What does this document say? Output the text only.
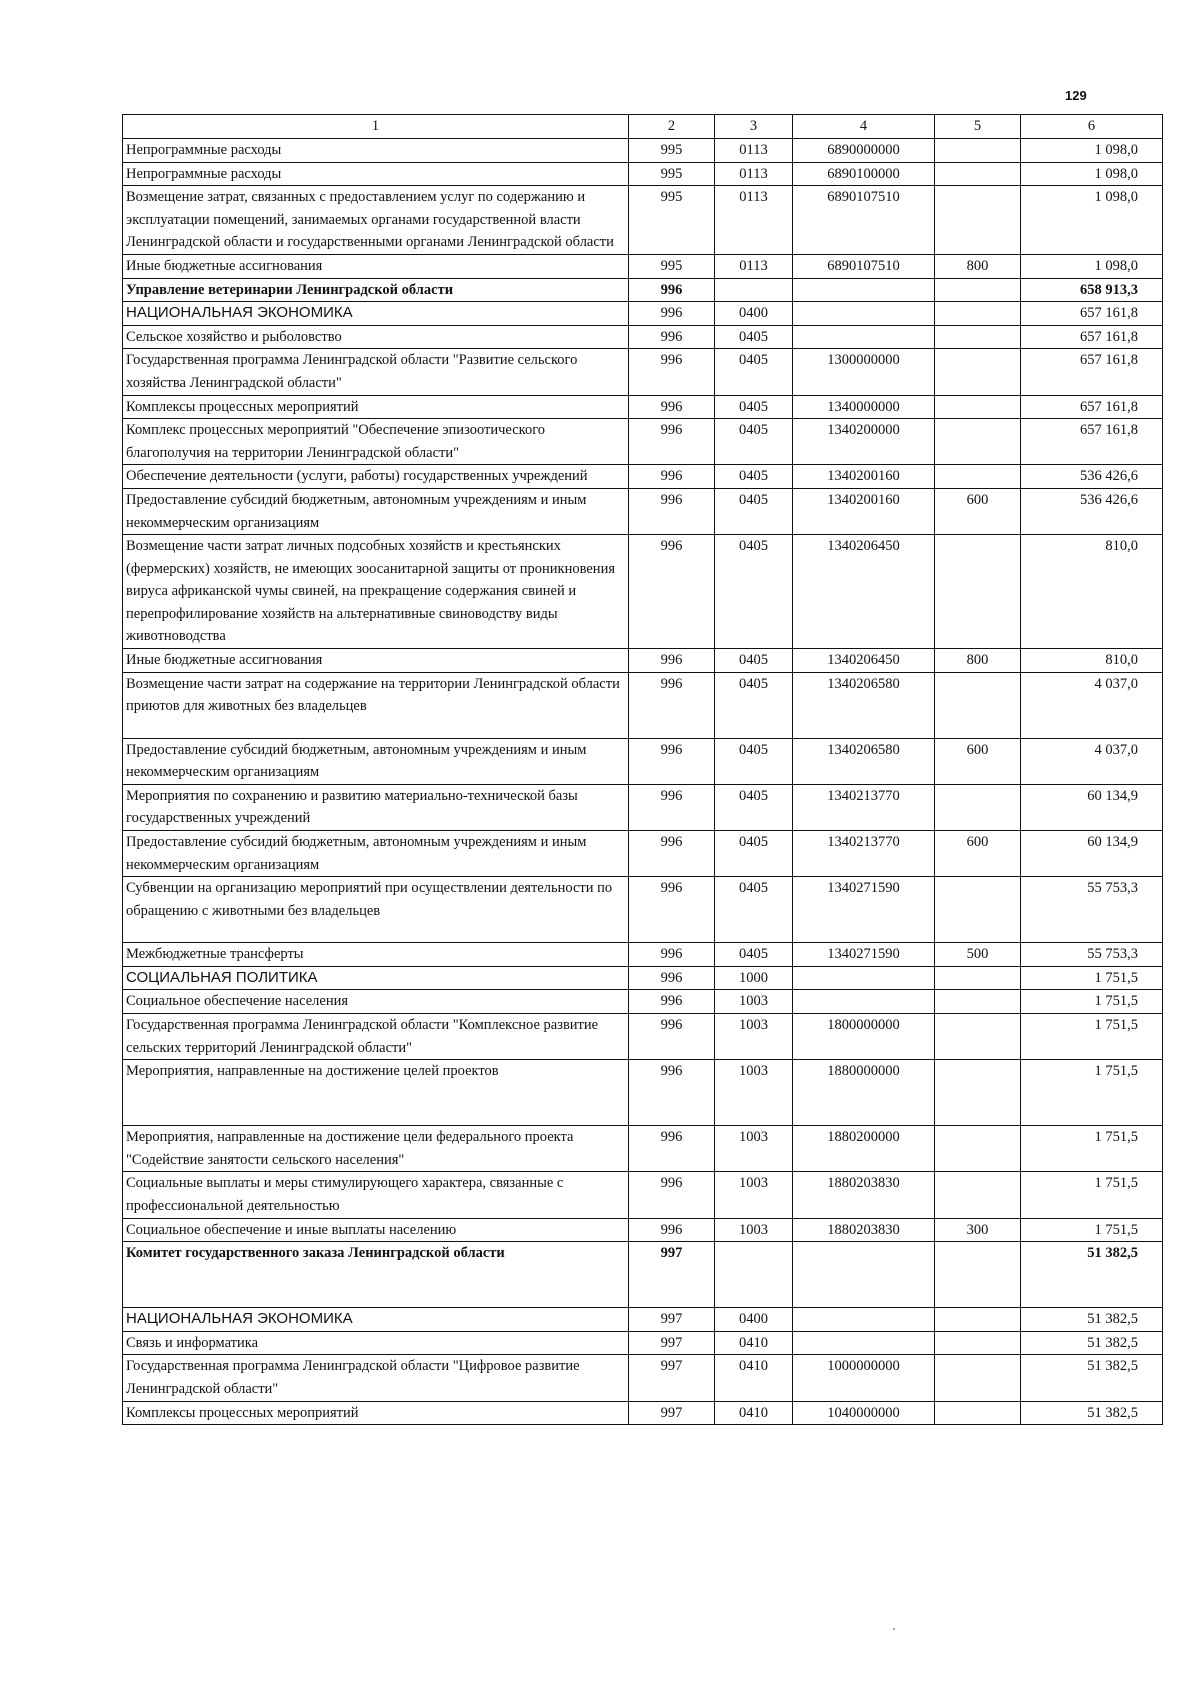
129
1	2	3	4	5	6
Непрограммные расходы	995	0113	6890000000		1 098,0
Непрограммные расходы	995	0113	6890100000		1 098,0
Возмещение затрат, связанных с предоставлением услуг по содержанию и эксплуатации помещений, занимаемых органами государственной власти Ленинградской области и государственными органами Ленинградской области	995	0113	6890107510		1 098,0
Иные бюджетные ассигнования	995	0113	6890107510	800	1 098,0
Управление ветеринарии Ленинградской области	996				658 913,3
НАЦИОНАЛЬНАЯ ЭКОНОМИКА	996	0400			657 161,8
Сельское хозяйство и рыболовство	996	0405			657 161,8
Государственная программа Ленинградской области "Развитие сельского хозяйства Ленинградской области"	996	0405	1300000000		657 161,8
Комплексы процессных мероприятий	996	0405	1340000000		657 161,8
Комплекс процессных мероприятий "Обеспечение эпизоотического благополучия на территории Ленинградской области"	996	0405	1340200000		657 161,8
Обеспечение деятельности (услуги, работы) государственных учреждений	996	0405	1340200160		536 426,6
Предоставление субсидий бюджетным, автономным учреждениям и иным некоммерческим организациям	996	0405	1340200160	600	536 426,6
Возмещение части затрат личных подсобных хозяйств и крестьянских (фермерских) хозяйств, не имеющих зоосанитарной защиты от проникновения вируса африканской чумы свиней, на прекращение содержания свиней и перепрофилирование хозяйств на альтернативные свиноводству виды животноводства	996	0405	1340206450		810,0
Иные бюджетные ассигнования	996	0405	1340206450	800	810,0
Возмещение части затрат на содержание на территории Ленинградской области приютов для животных без владельцев	996	0405	1340206580		4 037,0
Предоставление субсидий бюджетным, автономным учреждениям и иным некоммерческим организациям	996	0405	1340206580	600	4 037,0
Мероприятия по сохранению и развитию материально-технической базы государственных учреждений	996	0405	1340213770		60 134,9
Предоставление субсидий бюджетным, автономным учреждениям и иным некоммерческим организациям	996	0405	1340213770	600	60 134,9
Субвенции на организацию мероприятий при осуществлении деятельности по обращению с животными без владельцев	996	0405	1340271590		55 753,3
Межбюджетные трансферты	996	0405	1340271590	500	55 753,3
СОЦИАЛЬНАЯ ПОЛИТИКА	996	1000			1 751,5
Социальное обеспечение населения	996	1003			1 751,5
Государственная программа Ленинградской области "Комплексное развитие сельских территорий Ленинградской области"	996	1003	1800000000		1 751,5
Мероприятия, направленные на достижение целей проектов	996	1003	1880000000		1 751,5
Мероприятия, направленные на достижение цели федерального проекта "Содействие занятости сельского населения"	996	1003	1880200000		1 751,5
Социальные выплаты и меры стимулирующего характера, связанные с профессиональной деятельностью	996	1003	1880203830		1 751,5
Социальное обеспечение и иные выплаты населению	996	1003	1880203830	300	1 751,5
Комитет государственного заказа Ленинградской области	997				51 382,5
НАЦИОНАЛЬНАЯ ЭКОНОМИКА	997	0400			51 382,5
Связь и информатика	997	0410			51 382,5
Государственная программа Ленинградской области "Цифровое развитие Ленинградской области"	997	0410	1000000000		51 382,5
Комплексы процессных мероприятий	997	0410	1040000000		51 382,5
